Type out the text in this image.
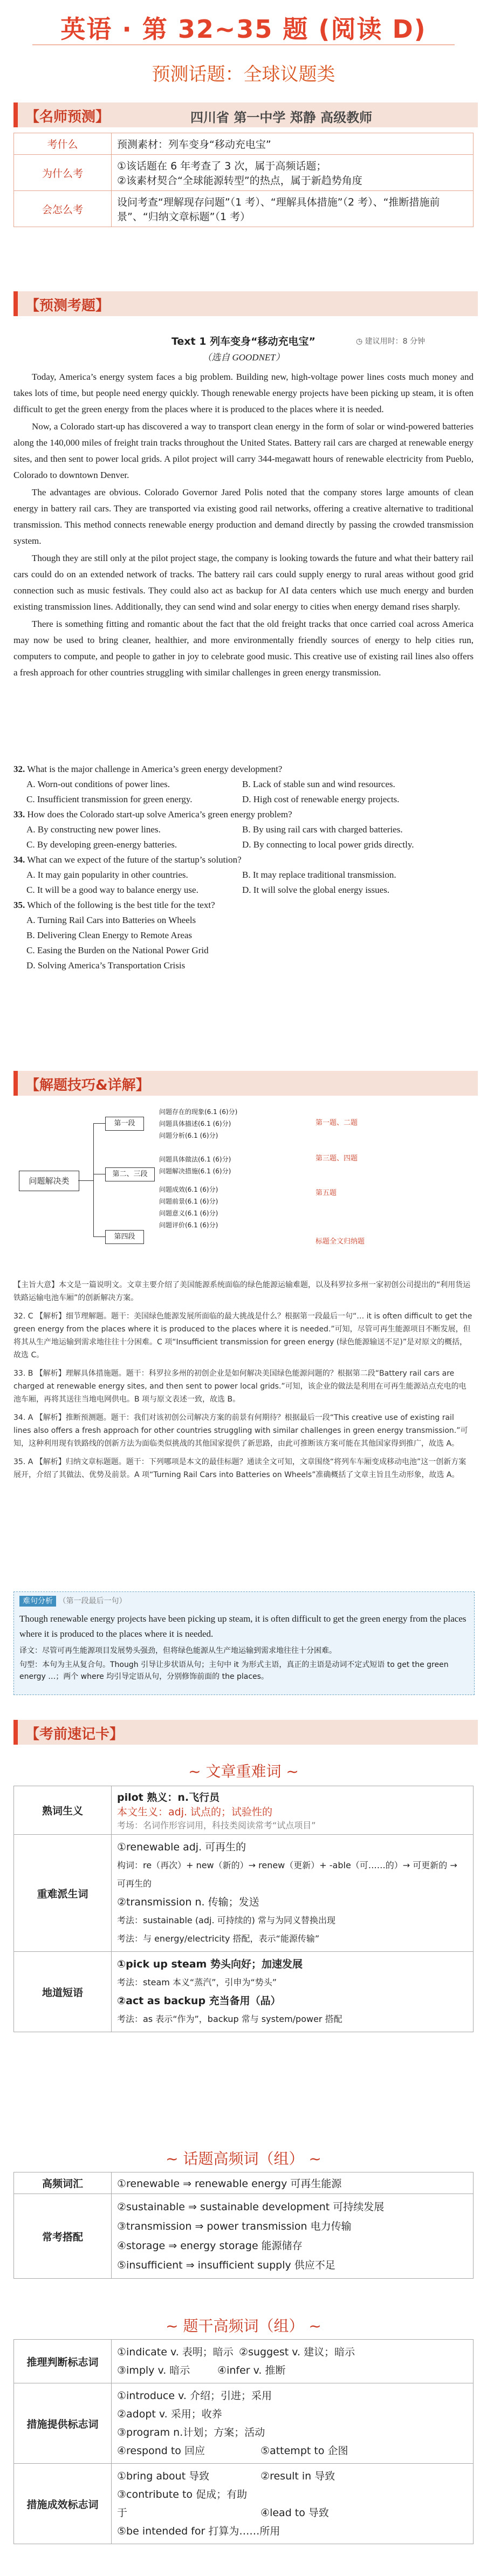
英语 · 第 32~35 题 (阅读 D)
预测话题：全球议题类
【名师预测】	四川省 第一中学 郑静 高级教师
考什么	预测素材：列车变身“移动充电宝”
为什么考	①该话题在 6 年考查了 3 次，属于高频话题；
②该素材契合“全球能源转型”的热点，属于新趋势角度

会怎么考	设问考查“理解现存问题”（1 考）、“理解具体措施”（2 考）、“推断措施前景”、“归纳文章标题”（1 考）
【预测考题】
Text 1 列车变身“移动充电宝”	◷ 建议用时：8 分钟
（选自 GOODNET）

Today, America’s energy system faces a big problem. Building new, high-voltage power lines costs much money and takes lots of time, but people need energy quickly. Though renewable energy projects have been picking up steam, it is often difficult to get the green energy from the places where it is produced to the places where it is needed.

Now, a Colorado start-up has discovered a way to transport clean energy in the form of solar or wind-powered batteries along the 140,000 miles of freight train tracks throughout the United States. Battery rail cars are charged at renewable energy sites, and then sent to power local grids. A pilot project will carry 344-megawatt hours of renewable electricity from Pueblo, Colorado to downtown Denver.

The advantages are obvious. Colorado Governor Jared Polis noted that the company stores large amounts of clean energy in battery rail cars. They are transported via existing good rail networks, offering a creative alternative to traditional transmission. This method connects renewable energy production and demand directly by passing the crowded transmission system.

Though they are still only at the pilot project stage, the company is looking towards the future and what their battery rail cars could do on an extended network of tracks. The battery rail cars could supply energy to rural areas without good grid connection such as music festivals. They could also act as backup for AI data centers which use much energy and burden existing transmission lines. Additionally, they can send wind and solar energy to cities when energy demand rises sharply.

There is something fitting and romantic about the fact that the old freight tracks that once carried coal across America may now be used to bring cleaner, healthier, and more environmentally friendly sources of energy to help cities run, computers to compute, and people to gather in joy to celebrate good music. This creative use of existing rail lines also offers a fresh approach for other countries struggling with similar challenges in green energy transmission.

32. What is the major challenge in America’s green energy development?
A. Worn-out conditions of power lines.	B. Lack of stable sun and wind resources.
C. Insufficient transmission for green energy.	D. High cost of renewable energy projects.
33. How does the Colorado start-up solve America’s green energy problem?
A. By constructing new power lines.	B. By using rail cars with charged batteries.
C. By developing green-energy batteries.	D. By connecting to local power grids directly.
34. What can we expect of the future of the startup’s solution?
A. It may gain popularity in other countries.	B. It may replace traditional transmission.
C. It will be a good way to balance energy use.	D. It will solve the global energy issues.
35. Which of the following is the best title for the text?
A. Turning Rail Cars into Batteries on Wheels
B. Delivering Clean Energy to Remote Areas
C. Easing the Burden on the National Power Grid
D. Solving America’s Transportation Crisis
【解题技巧&详解】
问题解决类
第一段
第二、三段
第四段
问题存在的现象(6.1 (6)分)
问题具体描述(6.1 (6)分)
问题分析(6.1 (6)分)
问题具体做法(6.1 (6)分)
问题解决措施(6.1 (6)分)
问题成效(6.1 (6)分)
问题前景(6.1 (6)分)
问题意义(6.1 (6)分)
问题评价(6.1 (6)分)
第一题、二题
第三题、四题
第五题
标题全文归纳题

【主旨大意】本文是一篇说明文。文章主要介绍了美国能源系统面临的绿色能源运输难题，以及科罗拉多州一家初创公司提出的“利用货运铁路运输电池车厢”的创新解决方案。

32. C 【解析】细节理解题。题干：美国绿色能源发展所面临的最大挑战是什么？根据第一段最后一句“… it is often difficult to get the green energy from the places where it is produced to the places where it is needed.”可知，尽管可再生能源项目不断发展，但将其从生产地运输到需求地往往十分困难。C 项“Insufficient transmission for green energy (绿色能源输送不足)”是对原文的概括，故选 C。

33. B 【解析】理解具体措施题。题干：科罗拉多州的初创企业是如何解决美国绿色能源问题的？根据第二段“Battery rail cars are charged at renewable energy sites, and then sent to power local grids.”可知，该企业的做法是利用在可再生能源站点充电的电池车厢，再将其送往当地电网供电。B 项与原文表述一致，故选 B。

34. A 【解析】推断预测题。题干：我们对该初创公司解决方案的前景有何期待？根据最后一段“This creative use of existing rail lines also offers a fresh approach for other countries struggling with similar challenges in green energy transmission.”可知，这种利用现有铁路线的创新方法为面临类似挑战的其他国家提供了新思路，由此可推断该方案可能在其他国家得到推广，故选 A。

35. A 【解析】归纳文章标题题。题干：下列哪项是本文的最佳标题？通读全文可知，文章围绕“将列车车厢变成移动电池”这一创新方案展开，介绍了其做法、优势及前景。A 项“Turning Rail Cars into Batteries on Wheels”准确概括了文章主旨且生动形象，故选 A。

难句分析 （第一段最后一句）
Though renewable energy projects have been picking up steam, it is often difficult to get the green energy from the places where it is produced to the places where it is needed.
译文：尽管可再生能源项目发展势头强劲，但将绿色能源从生产地运输到需求地往往十分困难。
句型：本句为主从复合句。Though 引导让步状语从句；主句中 it 为形式主语，真正的主语是动词不定式短语 to get the green energy …；两个 where 均引导定语从句，分别修饰前面的 the places。
【考前速记卡】
~ 文章重难词 ~
熟词生义	pilot 熟义：n.飞行员
本文生义：adj. 试点的；试验性的
考场：名词作形容词用，科技类阅读常考“试点项目”

重难派生词	①renewable adj. 可再生的
构词：re（再次）+ new（新的）→ renew（更新）+ -able（可……的）→ 可更新的 → 可再生的
②transmission n. 传输；发送
考法：sustainable (adj. 可持续的) 常与为同义替换出现
考法：与 energy/electricity 搭配，表示“能源传输”

地道短语	①pick up steam 势头向好；加速发展
考法：steam 本义“蒸汽”，引申为“势头”
②act as backup 充当备用（品）
考法：as 表示“作为”，backup 常与 system/power 搭配
~ 话题高频词（组） ~
高频词汇	①renewable ⇒ renewable energy 可再生能源
常考搭配	②sustainable ⇒ sustainable development 可持续发展
③transmission ⇒ power transmission 电力传输
④storage ⇒ energy storage 能源储存
⑤insufficient ⇒ insufficient supply 供应不足
~ 题干高频词（组） ~
推理判断标志词	①indicate v. 表明；暗示 ②suggest v. 建议；暗示 ③imply v. 暗示 ④infer v. 推断
措施提供标志词	①introduce v. 介绍；引进；采用
②adopt v. 采用；收养
③program n.计划；方案；活动
④respond to 回应 ⑤attempt to 企图
措施成效标志词	①bring about 导致 ②result in 导致
③contribute to 促成；有助于 ④lead to 导致
⑤be intended for 打算为……所用
